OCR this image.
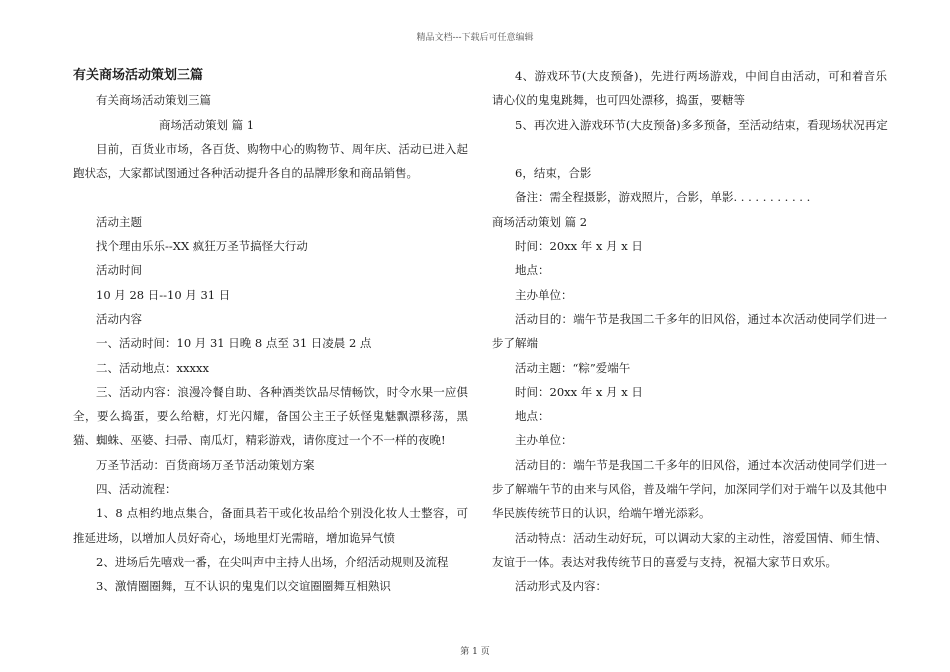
精品文档---下载后可任意编辑
有关商场活动策划三篇
有关商场活动策划三篇
商场活动策划 篇 1
目前，百货业市场，各百货、购物中心的购物节、周年庆、活动已进入起跑状态，大家都试图通过各种活动提升各自的品牌形象和商品销售。
活动主题
找个理由乐乐--XX 疯狂万圣节搞怪大行动
活动时间
10 月 28 日--10 月 31 日
活动内容
一、活动时间：10 月 31 日晚 8 点至 31 日凌晨 2 点
二、活动地点：xxxxx
三、活动内容：浪漫冷餐自助、各种酒类饮品尽情畅饮，时令水果一应俱全，要么捣蛋，要么给糖，灯光闪耀，备国公主王子妖怪鬼魅飘漂移荡，黑猫、蜘蛛、巫婆、扫帚、南瓜灯，精彩游戏，请你度过一个不一样的夜晚!
万圣节活动：百货商场万圣节活动策划方案
四、活动流程：
1、8 点相约地点集合，备面具若干或化妆品给个别没化妆人士整容，可推延进场，以增加人员好奇心，场地里灯光需暗，增加诡异气愤
2、进场后先嘻戏一番，在尖叫声中主持人出场，介绍活动规则及流程
3、激情圈圈舞，互不认识的鬼鬼们以交谊圈圈舞互相熟识
4、游戏环节(大皮预备)，先进行两场游戏，中间自由活动，可和着音乐请心仪的鬼鬼跳舞，也可四处漂移，捣蛋，要糖等
5、再次进入游戏环节(大皮预备)多多预备，至活动结束，看现场状况再定
6，结束，合影
备注：需全程摄影，游戏照片，合影，单影. . . . . . . . . . .
商场活动策划 篇 2
时间：20xx 年 x 月 x 日
地点：
主办单位：
活动目的：端午节是我国二千多年的旧风俗，通过本次活动使同学们进一步了解端
活动主题：“粽”爱端午
时间：20xx 年 x 月 x 日
地点：
主办单位：
活动目的：端午节是我国二千多年的旧风俗，通过本次活动使同学们进一步了解端午节的由来与风俗，普及端午学问，加深同学们对于端午以及其他中华民族传统节日的认识，给端午增光添彩。
活动特点：活动生动好玩，可以调动大家的主动性，溶爱国情、师生情、友谊于一体。表达对我传统节日的喜爱与支持，祝福大家节日欢乐。
活动形式及内容：
第 1 页
